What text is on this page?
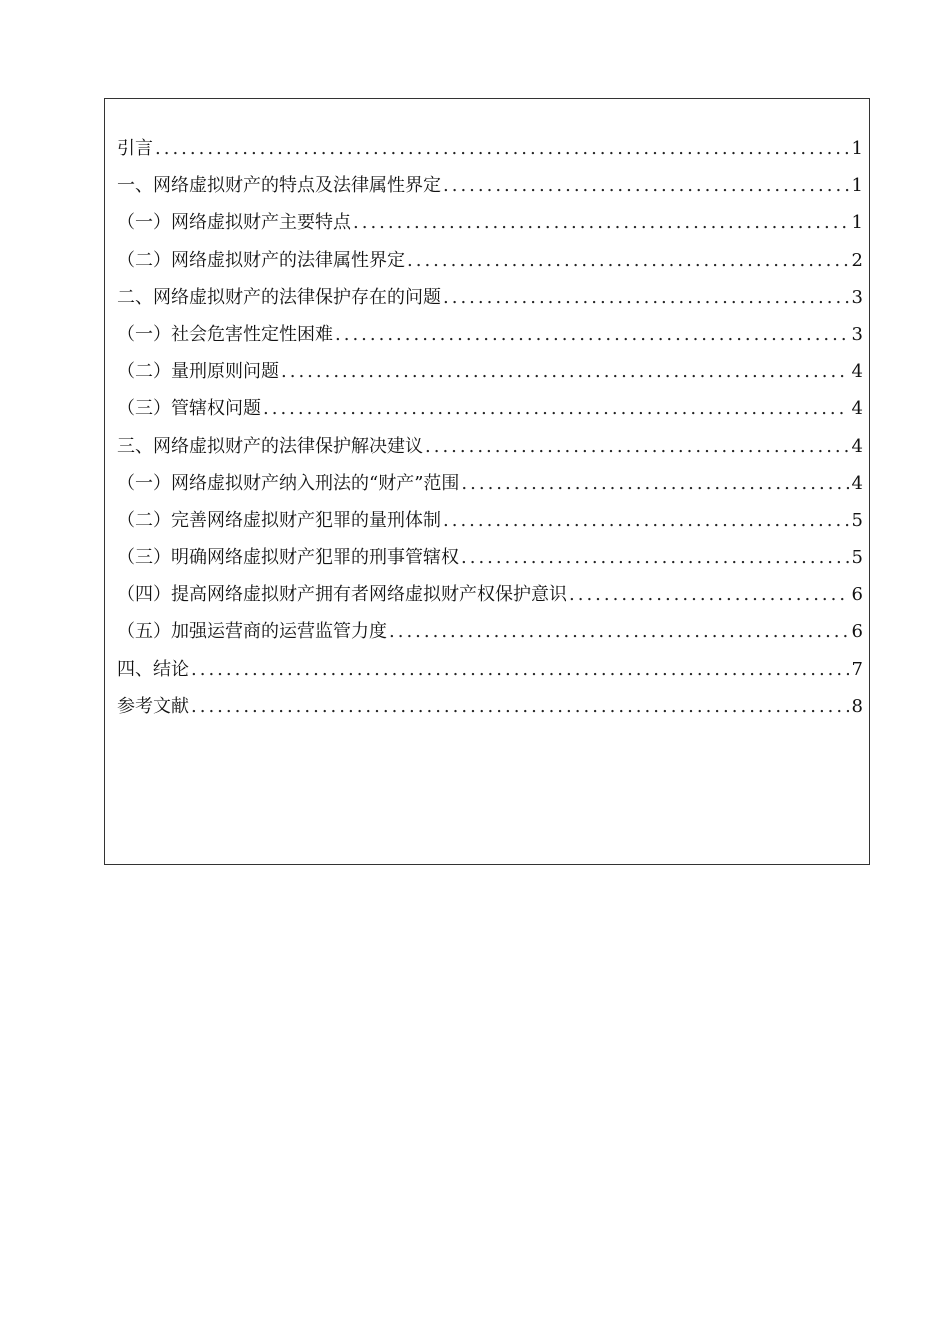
引言 .....	1
一、网络虚拟财产的特点及法律属性界定 .....	1
（一）网络虚拟财产主要特点 .....	1
（二）网络虚拟财产的法律属性界定 .....	2
二、网络虚拟财产的法律保护存在的问题 .....	3
（一）社会危害性定性困难 .....	3
（二）量刑原则问题 .....	4
（三）管辖权问题 .....	4
三、网络虚拟财产的法律保护解决建议 .....	4
（一）网络虚拟财产纳入刑法的“财产”范围 .....	4
（二）完善网络虚拟财产犯罪的量刑体制 .....	5
（三）明确网络虚拟财产犯罪的刑事管辖权 .....	5
（四）提高网络虚拟财产拥有者网络虚拟财产权保护意识 .....	6
（五）加强运营商的运营监管力度 .....	6
四、结论 .....	7
参考文献 .....	8
